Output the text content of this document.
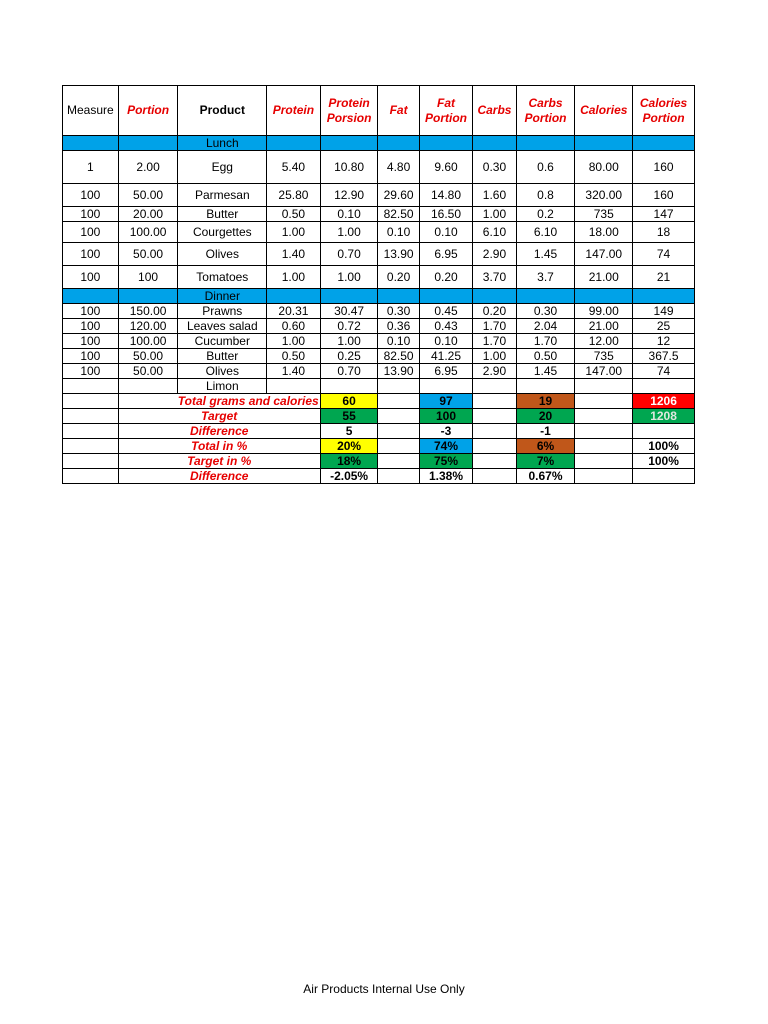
Measure	Portion	Product	Protein	Protein Porsion	Fat	Fat Portion	Carbs	Carbs Portion	Calories	Calories Portion
		Lunch								
1	2.00	Egg	5.40	10.80	4.80	9.60	0.30	0.6	80.00	160
100	50.00	Parmesan	25.80	12.90	29.60	14.80	1.60	0.8	320.00	160
100	20.00	Butter	0.50	0.10	82.50	16.50	1.00	0.2	735	147
100	100.00	Courgettes	1.00	1.00	0.10	0.10	6.10	6.10	18.00	18
100	50.00	Olives	1.40	0.70	13.90	6.95	2.90	1.45	147.00	74
100	100	Tomatoes	1.00	1.00	0.20	0.20	3.70	3.7	21.00	21
		Dinner								
100	150.00	Prawns	20.31	30.47	0.30	0.45	0.20	0.30	99.00	149
100	120.00	Leaves salad	0.60	0.72	0.36	0.43	1.70	2.04	21.00	25
100	100.00	Cucumber	1.00	1.00	0.10	0.10	1.70	1.70	12.00	12
100	50.00	Butter	0.50	0.25	82.50	41.25	1.00	0.50	735	367.5
100	50.00	Olives	1.40	0.70	13.90	6.95	2.90	1.45	147.00	74
		Limon								
	Total grams and calories			60		97		19		1206
	Target			55		100		20		1208
	Difference			5		-3		-1		
	Total in %			20%		74%		6%		100%
	Target in %			18%		75%		7%		100%
	Difference			-2.05%		1.38%		0.67%		
Air Products Internal Use Only
